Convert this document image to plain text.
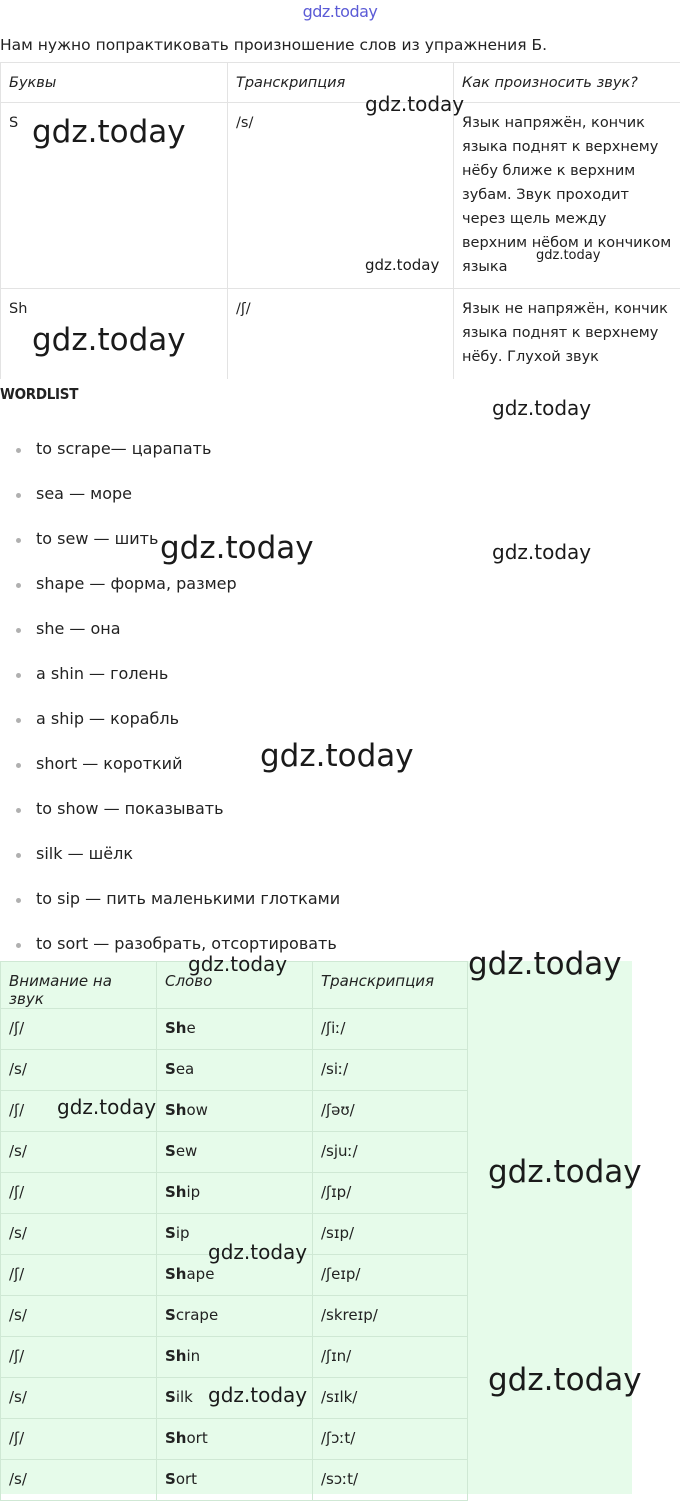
gdz.today
Нам нужно попрактиковать произношение слов из упражнения Б.
Буквы	Транскрипция	Как произносить звук?
S	/s/	Язык напряжён, кончик языка поднят к верхнему нёбу ближе к верхним зубам. Звук проходит через щель между верхним нёбом и кончиком языка
Sh	/ʃ/	Язык не напряжён, кончик языка поднят к верхнему нёбу. Глухой звук
WORDLIST
to scrape— царапать
sea — море
to sew — шить
shape — форма, размер
she — она
a shin — голень
a ship — корабль
short — короткий
to show — показывать
silk — шёлк
to sip — пить маленькими глотками
to sort — разобрать, отсортировать
Внимание на звук	Слово	Транскрипция
/ʃ/	She	/ʃiː/
/s/	Sea	/siː/
/ʃ/	Show	/ʃəʊ/
/s/	Sew	/sjuː/
/ʃ/	Ship	/ʃɪp/
/s/	Sip	/sɪp/
/ʃ/	Shape	/ʃeɪp/
/s/	Scrape	/skreɪp/
/ʃ/	Shin	/ʃɪn/
/s/	Silk	/sɪlk/
/ʃ/	Short	/ʃɔːt/
/s/	Sort	/sɔːt/
gdz.today
gdz.today
gdz.today
gdz.today
gdz.today
gdz.today
gdz.today	gdz.today
gdz.today
gdz.today	gdz.today
gdz.today
gdz.today
gdz.today
gdz.today
gdz.today
